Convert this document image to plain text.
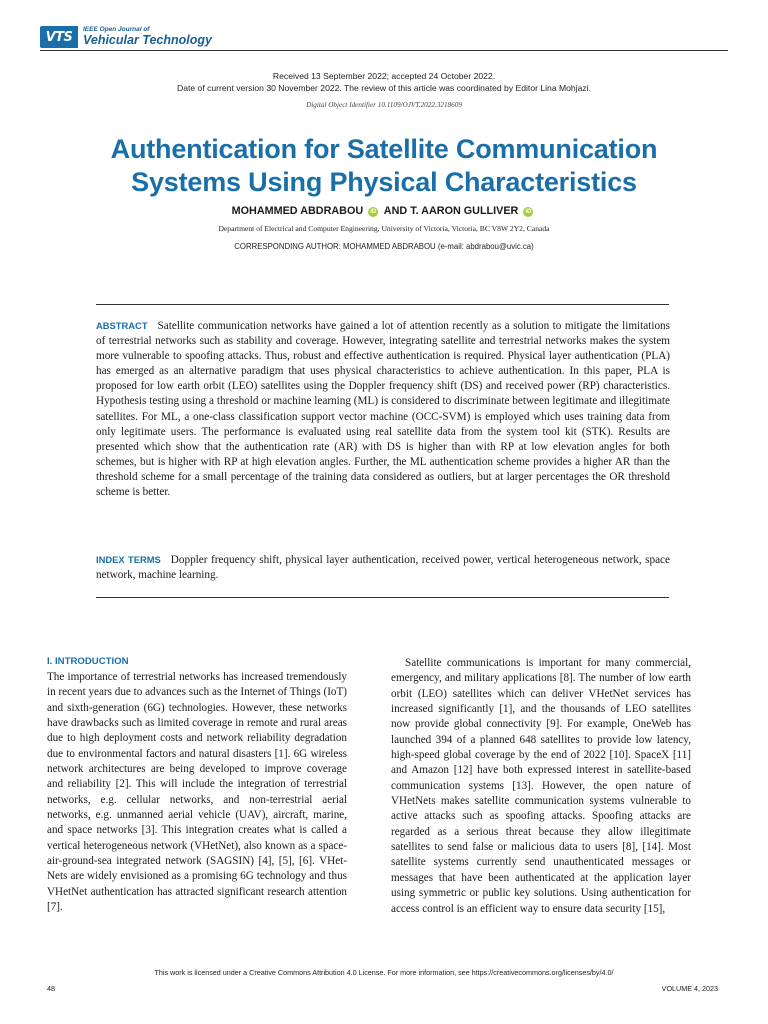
VTS	IEEE Open Journal of
Vehicular Technology
Received 13 September 2022; accepted 24 October 2022.
Date of current version 30 November 2022. The review of this article was coordinated by Editor Lina Mohjazi.
Digital Object Identifier 10.1109/OJVT.2022.3218609
Authentication for Satellite Communication
Systems Using Physical Characteristics
MOHAMMED ABDRABOU iD AND T. AARON GULLIVER iD
Department of Electrical and Computer Engineering, University of Victoria, Victoria, BC V8W 2Y2, Canada
CORRESPONDING AUTHOR: MOHAMMED ABDRABOU (e-mail: abdrabou@uvic.ca)
ABSTRACT Satellite communication networks have gained a lot of attention recently as a solution to mitigate the limitations of terrestrial networks such as stability and coverage. However, integrating satellite and terrestrial networks makes the system more vulnerable to spoofing attacks. Thus, robust and effective authentication is required. Physical layer authentication (PLA) has emerged as an alternative paradigm that uses physical characteristics to achieve authentication. In this paper, PLA is proposed for low earth orbit (LEO) satellites using the Doppler frequency shift (DS) and received power (RP) characteristics. Hypothesis testing using a threshold or machine learning (ML) is considered to discriminate between legitimate and illegitimate satellites. For ML, a one-class classification support vector machine (OCC-SVM) is employed which uses training data from only legitimate users. The performance is evaluated using real satellite data from the system tool kit (STK). Results are presented which show that the authentication rate (AR) with DS is higher than with RP at low elevation angles for both schemes, but is higher with RP at high elevation angles. Further, the ML authentication scheme provides a higher AR than the threshold scheme for a small percentage of the training data considered as outliers, but at larger percentages the OR threshold scheme is better.
INDEX TERMS Doppler frequency shift, physical layer authentication, received power, vertical heterogeneous network, space network, machine learning.
I. INTRODUCTION

The importance of terrestrial networks has increased tremendously in recent years due to advances such as the Internet of Things (IoT) and sixth-generation (6G) technologies. However, these networks have drawbacks such as limited coverage in remote and rural areas due to high deployment costs and network reliability degradation due to environmental factors and natural disasters [1]. 6G wireless network architectures are being developed to improve coverage and reliability [2]. This will include the integration of terrestrial networks, e.g. cellular networks, and non-terrestrial aerial networks, e.g. unmanned aerial vehicle (UAV), aircraft, marine, and space networks [3]. This integration creates what is called a vertical heterogeneous network (VHetNet), also known as a space-air-ground-sea integrated network (SAGSIN) [4], [5], [6]. VHetNets are widely envisioned as a promising 6G technology and thus VHetNet authentication has attracted significant research attention [7].

Satellite communications is important for many commercial, emergency, and military applications [8]. The number of low earth orbit (LEO) satellites which can deliver VHetNet services has increased significantly [1], and the thousands of LEO satellites now provide global connectivity [9]. For example, OneWeb has launched 394 of a planned 648 satellites to provide low latency, high-speed global coverage by the end of 2022 [10]. SpaceX [11] and Amazon [12] have both expressed interest in satellite-based communication systems [13]. However, the open nature of VHetNets makes satellite communication systems vulnerable to active attacks such as spoofing attacks. Spoofing attacks are regarded as a serious threat because they allow illegitimate satellites to send false or malicious data to users [8], [14]. Most satellite systems currently send unauthenticated messages or messages that have been authenticated at the application layer using symmetric or public key solutions. Using authentication for access control is an efficient way to ensure data security [15],

This work is licensed under a Creative Commons Attribution 4.0 License. For more information, see https://creativecommons.org/licenses/by/4.0/
48	VOLUME 4, 2023
